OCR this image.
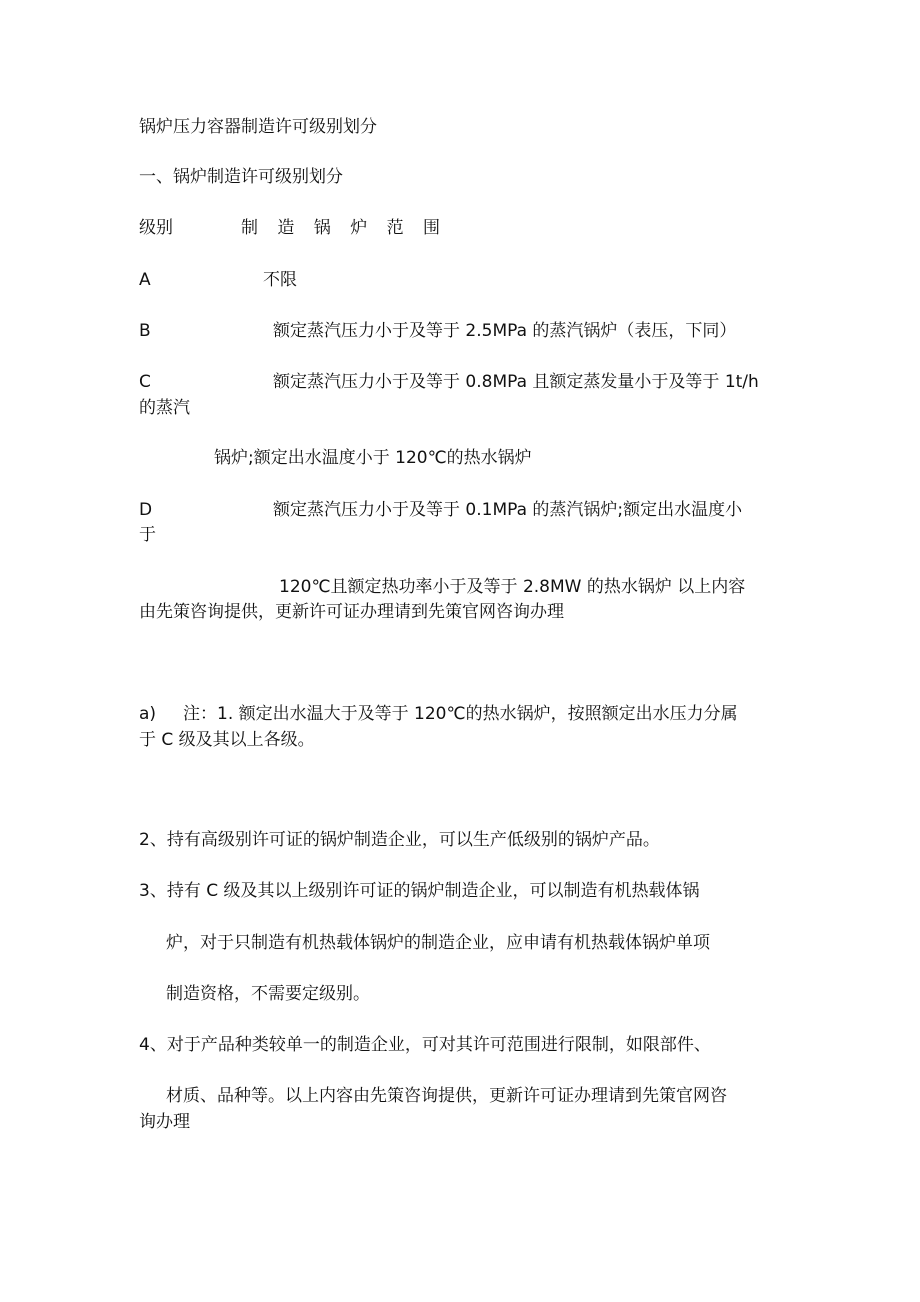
锅炉压力容器制造许可级别划分
一、锅炉制造许可级别划分
级别	制 造 锅 炉 范 围
A	不限
B	额定蒸汽压力小于及等于 2.5MPa 的蒸汽锅炉（表压，下同）
C	额定蒸汽压力小于及等于 0.8MPa 且额定蒸发量小于及等于 1t/h
的蒸汽
锅炉;额定出水温度小于 120℃的热水锅炉
D	额定蒸汽压力小于及等于 0.1MPa 的蒸汽锅炉;额定出水温度小
于
120℃且额定热功率小于及等于 2.8MW 的热水锅炉 以上内容
由先策咨询提供，更新许可证办理请到先策官网咨询办理
a) 注：1. 额定出水温大于及等于 120℃的热水锅炉，按照额定出水压力分属
于 C 级及其以上各级。
2、持有高级别许可证的锅炉制造企业，可以生产低级别的锅炉产品。
3、持有 C 级及其以上级别许可证的锅炉制造企业，可以制造有机热载体锅
炉，对于只制造有机热载体锅炉的制造企业，应申请有机热载体锅炉单项
制造资格，不需要定级别。
4、对于产品种类较单一的制造企业，可对其许可范围进行限制，如限部件、
材质、品种等。以上内容由先策咨询提供，更新许可证办理请到先策官网咨
询办理
